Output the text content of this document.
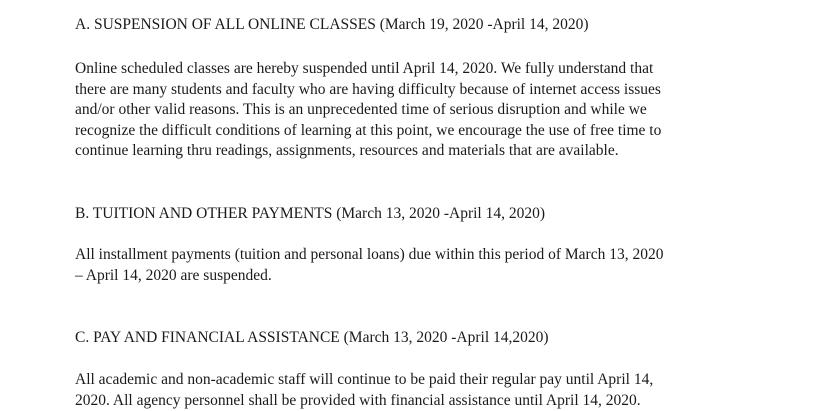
A. SUSPENSION OF ALL ONLINE CLASSES (March 19, 2020 -April 14, 2020)

Online scheduled classes are hereby suspended until April 14, 2020. We fully understand that
there are many students and faculty who are having difficulty because of internet access issues
and/or other valid reasons. This is an unprecedented time of serious disruption and while we
recognize the difficult conditions of learning at this point, we encourage the use of free time to
continue learning thru readings, assignments, resources and materials that are available.

B. TUITION AND OTHER PAYMENTS (March 13, 2020 -April 14, 2020)

All installment payments (tuition and personal loans) due within this period of March 13, 2020
– April 14, 2020 are suspended.

C. PAY AND FINANCIAL ASSISTANCE (March 13, 2020 -April 14,2020)

All academic and non-academic staff will continue to be paid their regular pay until April 14,
2020. All agency personnel shall be provided with financial assistance until April 14, 2020.
